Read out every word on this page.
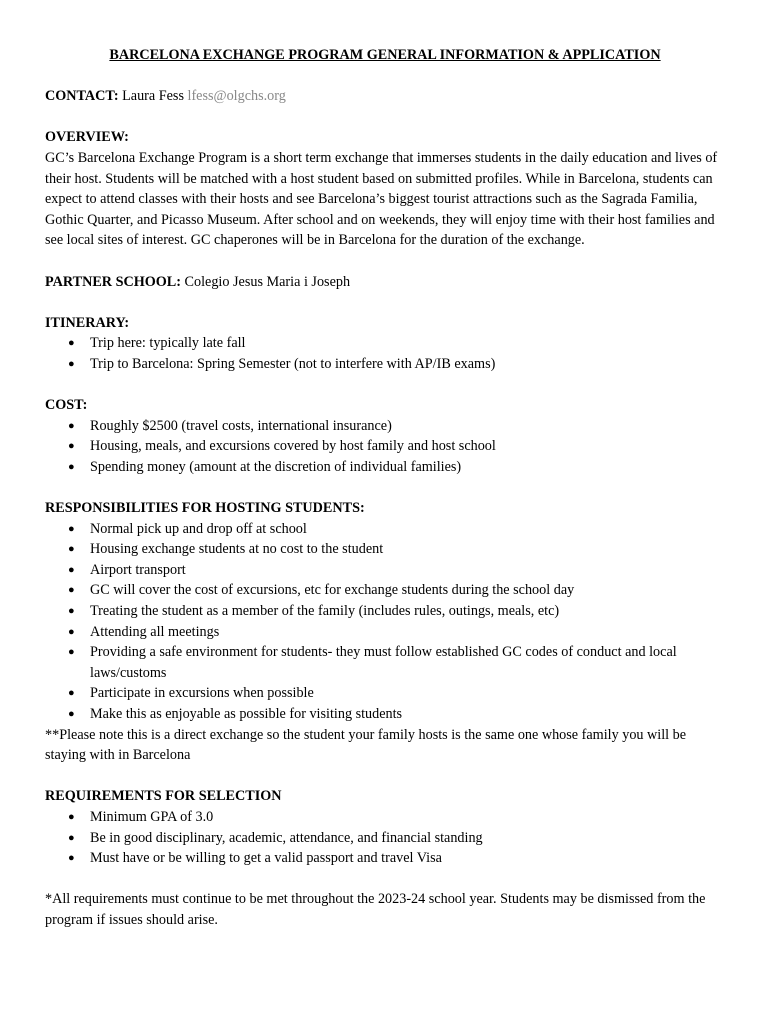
BARCELONA EXCHANGE PROGRAM GENERAL INFORMATION & APPLICATION

CONTACT: Laura Fess lfess@olgchs.org

OVERVIEW:

GC’s Barcelona Exchange Program is a short term exchange that immerses students in the daily education and lives of their host. Students will be matched with a host student based on submitted profiles. While in Barcelona, students can expect to attend classes with their hosts and see Barcelona’s biggest tourist attractions such as the Sagrada Familia, Gothic Quarter, and Picasso Museum. After school and on weekends, they will enjoy time with their host families and see local sites of interest. GC chaperones will be in Barcelona for the duration of the exchange.

PARTNER SCHOOL: Colegio Jesus Maria i Joseph

ITINERARY:

● Trip here: typically late fall
● Trip to Barcelona: Spring Semester (not to interfere with AP/IB exams)

COST:

● Roughly $2500 (travel costs, international insurance)
● Housing, meals, and excursions covered by host family and host school
● Spending money (amount at the discretion of individual families)

RESPONSIBILITIES FOR HOSTING STUDENTS:

● Normal pick up and drop off at school
● Housing exchange students at no cost to the student
● Airport transport
● GC will cover the cost of excursions, etc for exchange students during the school day
● Treating the student as a member of the family (includes rules, outings, meals, etc)
● Attending all meetings
● Providing a safe environment for students- they must follow established GC codes of conduct and local laws/customs
● Participate in excursions when possible
● Make this as enjoyable as possible for visiting students

**Please note this is a direct exchange so the student your family hosts is the same one whose family you will be staying with in Barcelona

REQUIREMENTS FOR SELECTION

● Minimum GPA of 3.0
● Be in good disciplinary, academic, attendance, and financial standing
● Must have or be willing to get a valid passport and travel Visa

*All requirements must continue to be met throughout the 2023-24 school year. Students may be dismissed from the program if issues should arise.
